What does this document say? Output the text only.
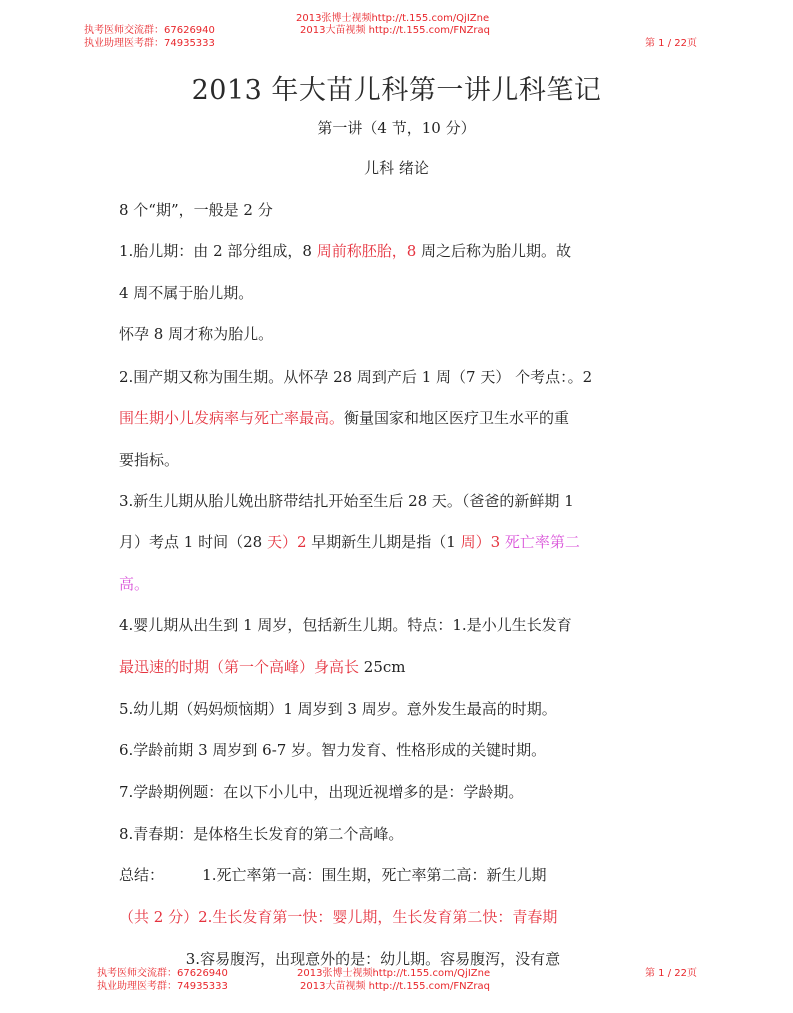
执考医师交流群：67626940
执业助理医考群：74935333
2013张博士视频http://t.155.com/QjIZne
2013大苗视频 http://t.155.com/FNZraq
第 1 / 22页
2013 年大苗儿科第一讲儿科笔记
第一讲（4 节，10 分）
儿科 绪论
8 个“期”，一般是 2 分
1.胎儿期：由 2 部分组成，8 周前称胚胎，8 周之后称为胎儿期。故
4 周不属于胎儿期。
怀孕 8 周才称为胎儿。
2.围产期又称为围生期。从怀孕 28 周到产后 1 周（7 天） 个考点：。2
围生期小儿发病率与死亡率最高。衡量国家和地区医疗卫生水平的重
要指标。
3.新生儿期从胎儿娩出脐带结扎开始至生后 28 天。（爸爸的新鲜期 1
月）考点 1 时间（28 天）2 早期新生儿期是指（1 周）3 死亡率第二
高。
4.婴儿期从出生到 1 周岁，包括新生儿期。特点：1.是小儿生长发育
最迅速的时期（第一个高峰）身高长 25cm
5.幼儿期（妈妈烦恼期）1 周岁到 3 周岁。意外发生最高的时期。
6.学龄前期 3 周岁到 6-7 岁。智力发育、性格形成的关键时期。
7.学龄期例题：在以下小儿中，出现近视增多的是：学龄期。
8.青春期：是体格生长发育的第二个高峰。
总结：        1.死亡率第一高：围生期，死亡率第二高：新生儿期
（共 2 分）2.生长发育第一快：婴儿期，生长发育第二快：青春期
3.容易腹泻，出现意外的是：幼儿期。容易腹泻，没有意
执考医师交流群：67626940
执业助理医考群：74935333
2013张博士视频http://t.155.com/QjIZne
2013大苗视频 http://t.155.com/FNZraq
第 1 / 22页
